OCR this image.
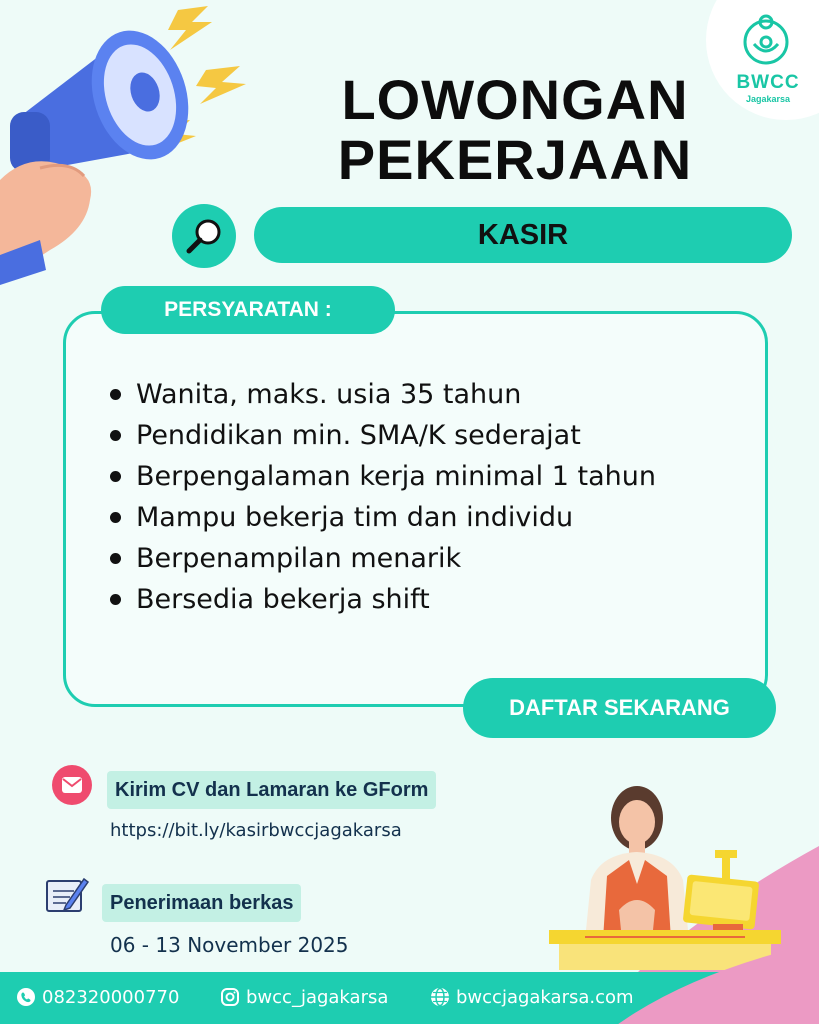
BWCC
Jagakarsa
LOWONGAN
PEKERJAAN
KASIR
PERSYARATAN :
Wanita, maks. usia 35 tahun
Pendidikan min. SMA/K sederajat
Berpengalaman kerja minimal 1 tahun
Mampu bekerja tim dan individu
Berpenampilan menarik
Bersedia bekerja shift
DAFTAR SEKARANG
Kirim CV dan Lamaran ke GForm
https://bit.ly/kasirbwccjagakarsa
Penerimaan berkas
06 - 13 November 2025
082320000770	bwcc_jagakarsa	bwccjagakarsa.com
